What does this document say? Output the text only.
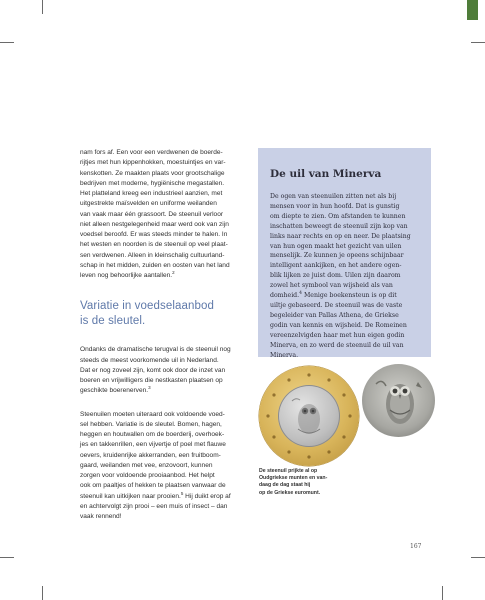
nam fors af. Een voor een verdwenen de boerde-
rijtjes met hun kippenhokken, moestuintjes en var-
kenskotten. Ze maakten plaats voor grootschalige
bedrijven met moderne, hygiënische megastallen.
Het platteland kreeg een industrieel aanzien, met
uitgestrekte maïsvelden en uniforme weilanden
van vaak maar één grassoort. De steenuil verloor
niet alleen nestgelegenheid maar werd ook van zijn
voedsel beroofd. Er was steeds minder te halen. In
het westen en noorden is de steenuil op veel plaat-
sen verdwenen. Alleen in kleinschalig cultuurland-
schap in het midden, zuiden en oosten van het land
leven nog behoorlijke aantallen.$^2$

Variatie in voedselaanbod
is de sleutel.

Ondanks de dramatische terugval is de steenuil nog
steeds de meest voorkomende uil in Nederland.
Dat er nog zoveel zijn, komt ook door de inzet van
boeren en vrijwilligers die nestkasten plaatsen op
geschikte boerenerven.$^3$

Steenuilen moeten uiteraard ook voldoende voed-
sel hebben. Variatie is de sleutel. Bomen, hagen,
heggen en houtwallen om de boerderij, overhoek-
jes en takkenrillen, een vijvertje of poel met flauwe
oevers, kruidenrijke akkerranden, een fruitboom-
gaard, weilanden met vee, enzovoort, kunnen
zorgen voor voldoende prooiaanbod. Het helpt
ook om paaltjes of hekken te plaatsen vanwaar de
steenuil kan uitkijken naar prooien.$^5$ Hij duikt erop af
en achtervolgt zijn prooi – een muis of insect – dan
vaak rennend!

De uil van Minerva

De ogen van steenuilen zitten net als bij
mensen voor in hun hoofd. Dat is gunstig
om diepte te zien. Om afstanden te kunnen
inschatten beweegt de steenuil zijn kop van
links naar rechts en op en neer. De plaatsing
van hun ogen maakt het gezicht van uilen
menselijk. Ze kunnen je opeens schijnbaar
intelligent aankijken, en het andere ogen-
blik lijken ze juist dom. Uilen zijn daarom
zowel het symbool van wijsheid als van
domheid.$^4$ Menige boekensteun is op dit
uiltje gebaseerd. De steenuil was de vaste
begeleider van Pallas Athena, de Griekse
godin van kennis en wijsheid. De Romeinen
vereenzelvigden haar met hun eigen godin
Minerva, en zo werd de steenuil de uil van
Minerva.

De steenuil prijkte al op
Oudgriekse munten en van-
daag de dag staat hij
op de Griekse euromunt.

167
